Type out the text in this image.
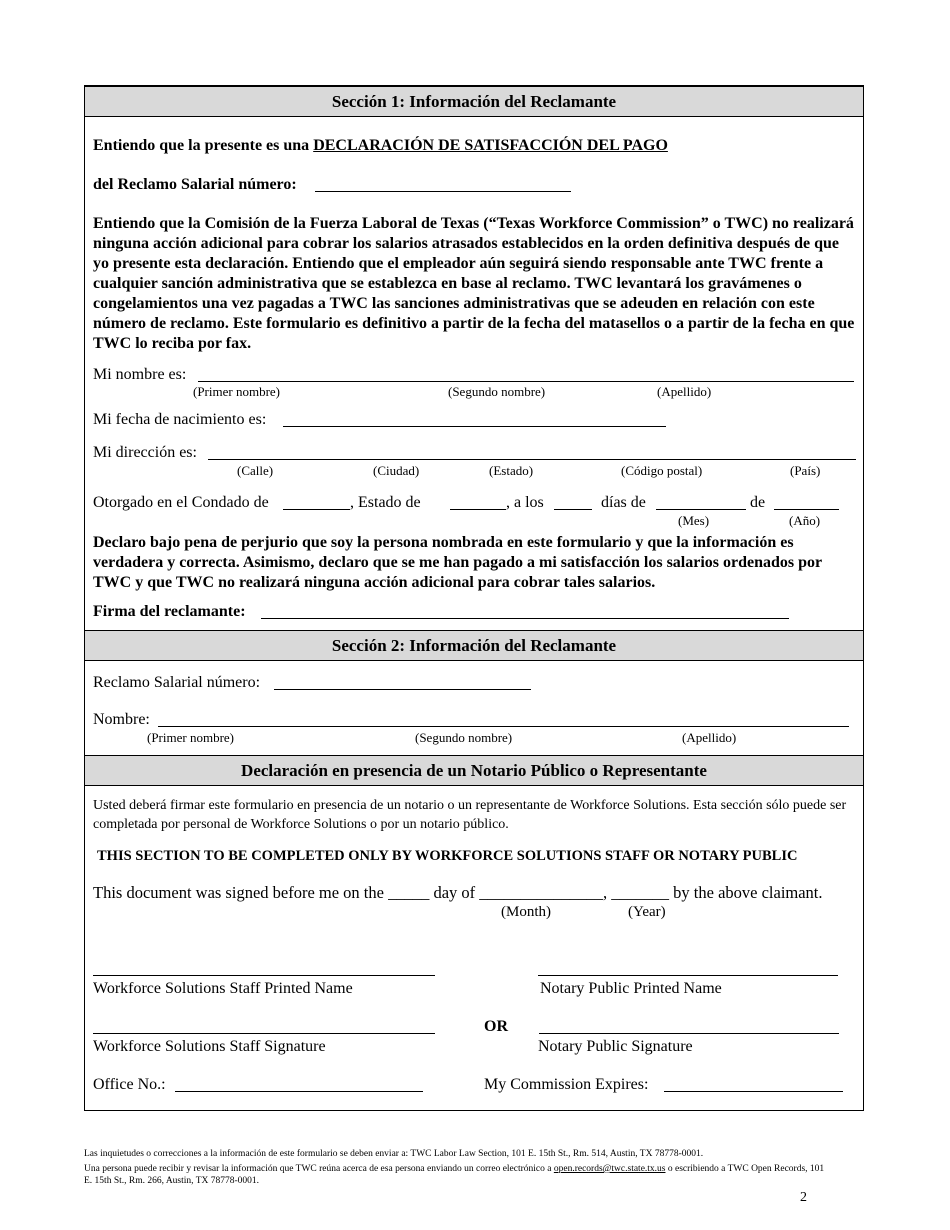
Sección 1: Información del Reclamante
Entiendo que la presente es una DECLARACIÓN DE SATISFACCIÓN DEL PAGO
del Reclamo Salarial número:
Entiendo que la Comisión de la Fuerza Laboral de Texas (“Texas Workforce Commission” o TWC) no realizará ninguna acción adicional para cobrar los salarios atrasados establecidos en la orden definitiva después de que yo presente esta declaración. Entiendo que el empleador aún seguirá siendo responsable ante TWC frente a cualquier sanción administrativa que se establezca en base al reclamo. TWC levantará los gravámenes o congelamientos una vez pagadas a TWC las sanciones administrativas que se adeuden en relación con este número de reclamo. Este formulario es definitivo a partir de la fecha del matasellos o a partir de la fecha en que TWC lo reciba por fax.
Mi nombre es:
(Primer nombre)	(Segundo nombre)	(Apellido)
Mi fecha de nacimiento es:
Mi dirección es:
(Calle)	(Ciudad)	(Estado)	(Código postal)	(País)
Otorgado en el Condado de	, Estado de	, a los	días de	de
(Mes)	(Año)
Declaro bajo pena de perjurio que soy la persona nombrada en este formulario y que la información es verdadera y correcta. Asimismo, declaro que se me han pagado a mi satisfacción los salarios ordenados por TWC y que TWC no realizará ninguna acción adicional para cobrar tales salarios.
Firma del reclamante:
Sección 2: Información del Reclamante
Reclamo Salarial número:
Nombre:
(Primer nombre)	(Segundo nombre)	(Apellido)
Declaración en presencia de un Notario Público o Representante
Usted deberá firmar este formulario en presencia de un notario o un representante de Workforce Solutions. Esta sección sólo puede ser completada por personal de Workforce Solutions o por un notario público.
THIS SECTION TO BE COMPLETED ONLY BY WORKFORCE SOLUTIONS STAFF OR NOTARY PUBLIC
This document was signed before me on the _____ day of _______________, _______ by the above claimant.
(Month)	(Year)
Workforce Solutions Staff Printed Name	Notary Public Printed Name
OR
Workforce Solutions Staff Signature	Notary Public Signature
Office No.:	My Commission Expires:
Las inquietudes o correcciones a la información de este formulario se deben enviar a: TWC Labor Law Section, 101 E. 15th St., Rm. 514, Austin, TX 78778-0001.
Una persona puede recibir y revisar la información que TWC reúna acerca de esa persona enviando un correo electrónico a open.records@twc.state.tx.us o escribiendo a TWC Open Records, 101
E. 15th St., Rm. 266, Austin, TX 78778-0001.
2
